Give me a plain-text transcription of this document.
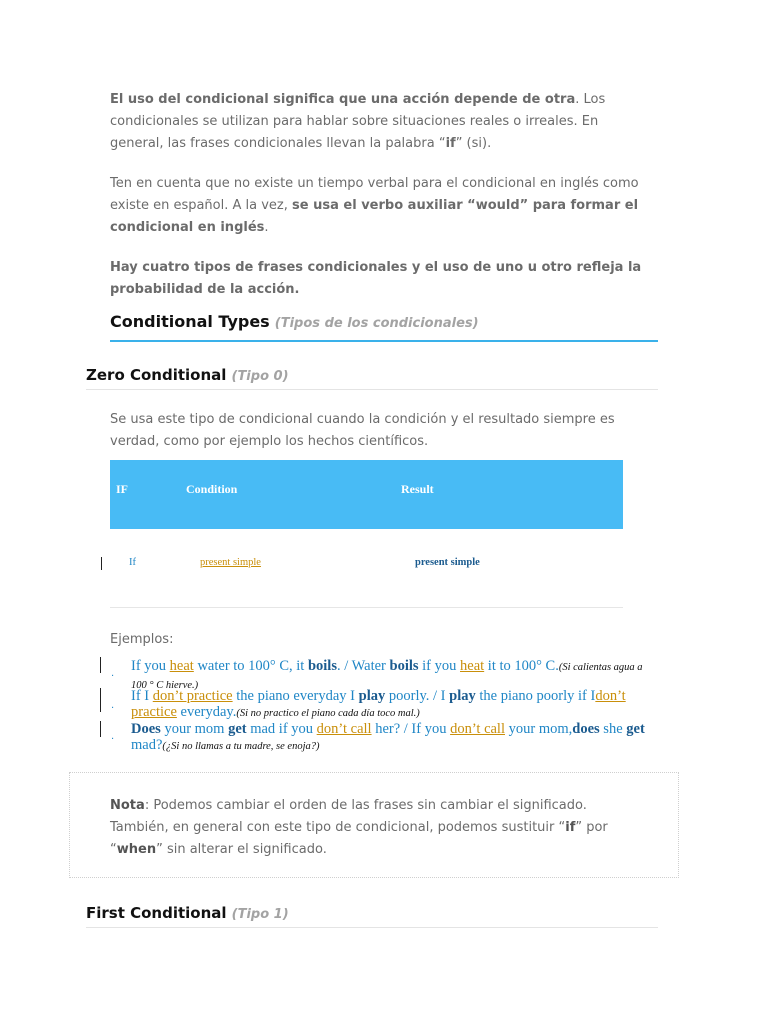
El uso del condicional significa que una acción depende de otra. Los condicionales se utilizan para hablar sobre situaciones reales o irreales. En general, las frases condicionales llevan la palabra “if” (si).

Ten en cuenta que no existe un tiempo verbal para el condicional en inglés como existe en español. A la vez, se usa el verbo auxiliar “would” para formar el condicional en inglés.

Hay cuatro tipos de frases condicionales y el uso de uno u otro refleja la probabilidad de la acción.

Conditional Types (Tipos de los condicionales)
Zero Conditional (Tipo 0)

Se usa este tipo de condicional cuando la condición y el resultado siempre es verdad, como por ejemplo los hechos científicos.

IF	Condition	Result
If	present simple	present simple
Ejemplos:
.
.
.
If you heat water to 100° C, it boils. / Water boils if you heat it to 100° C.(Si calientas agua a 100 ° C hierve.)
If I don’t practice the piano everyday I play poorly. / I play the piano poorly if Idon’t practice everyday.(Si no practico el piano cada día toco mal.)
Does your mom get mad if you don’t call her? / If you don’t call your mom,does she get mad?(¿Si no llamas a tu madre, se enoja?)

Nota: Podemos cambiar el orden de las frases sin cambiar el significado. También, en general con este tipo de condicional, podemos sustituir “if” por “when” sin alterar el significado.

First Conditional (Tipo 1)
